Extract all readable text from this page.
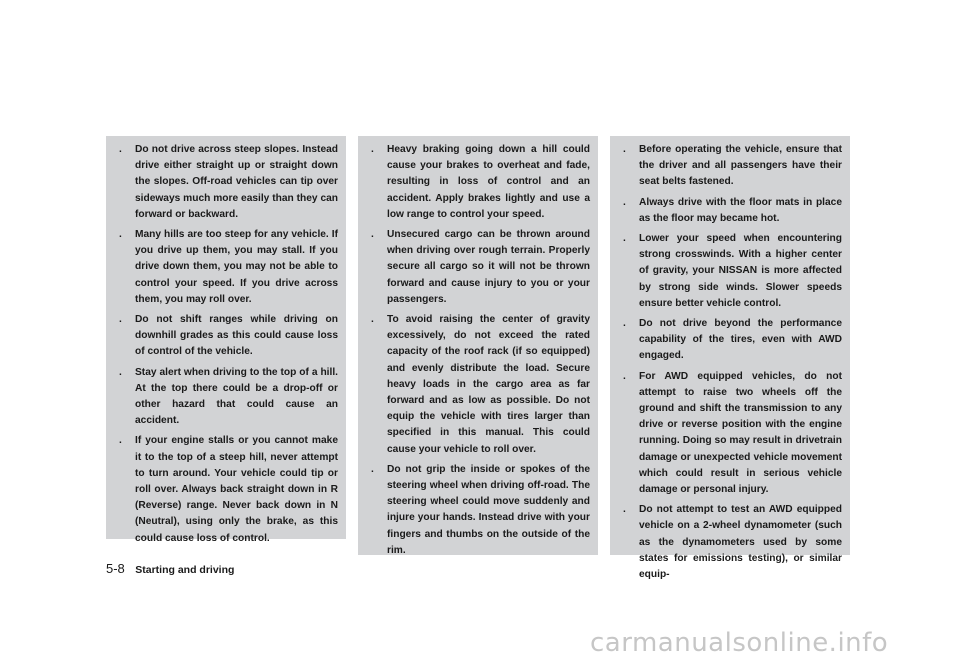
. Do not drive across steep slopes. Instead drive either straight up or straight down the slopes. Off-road vehicles can tip over sideways much more easily than they can forward or backward.
. Many hills are too steep for any vehicle. If you drive up them, you may stall. If you drive down them, you may not be able to control your speed. If you drive across them, you may roll over.
. Do not shift ranges while driving on downhill grades as this could cause loss of control of the vehicle.
. Stay alert when driving to the top of a hill. At the top there could be a drop-off or other hazard that could cause an accident.
. If your engine stalls or you cannot make it to the top of a steep hill, never attempt to turn around. Your vehicle could tip or roll over. Always back straight down in R (Reverse) range. Never back down in N (Neutral), using only the brake, as this could cause loss of control.
. Heavy braking going down a hill could cause your brakes to overheat and fade, resulting in loss of control and an accident. Apply brakes lightly and use a low range to control your speed.
. Unsecured cargo can be thrown around when driving over rough terrain. Properly secure all cargo so it will not be thrown forward and cause injury to you or your passengers.
. To avoid raising the center of gravity excessively, do not exceed the rated capacity of the roof rack (if so equipped) and evenly distribute the load. Secure heavy loads in the cargo area as far forward and as low as possible. Do not equip the vehicle with tires larger than specified in this manual. This could cause your vehicle to roll over.
. Do not grip the inside or spokes of the steering wheel when driving off-road. The steering wheel could move suddenly and injure your hands. Instead drive with your fingers and thumbs on the outside of the rim.
. Before operating the vehicle, ensure that the driver and all passengers have their seat belts fastened.
. Always drive with the floor mats in place as the floor may became hot.
. Lower your speed when encountering strong crosswinds. With a higher center of gravity, your NISSAN is more affected by strong side winds. Slower speeds ensure better vehicle control.
. Do not drive beyond the performance capability of the tires, even with AWD engaged.
. For AWD equipped vehicles, do not attempt to raise two wheels off the ground and shift the transmission to any drive or reverse position with the engine running. Doing so may result in drivetrain damage or unexpected vehicle movement which could result in serious vehicle damage or personal injury.
. Do not attempt to test an AWD equipped vehicle on a 2-wheel dynamometer (such as the dynamometers used by some states for emissions testing), or similar equip-
5-8 Starting and driving
carmanualsonline.info
